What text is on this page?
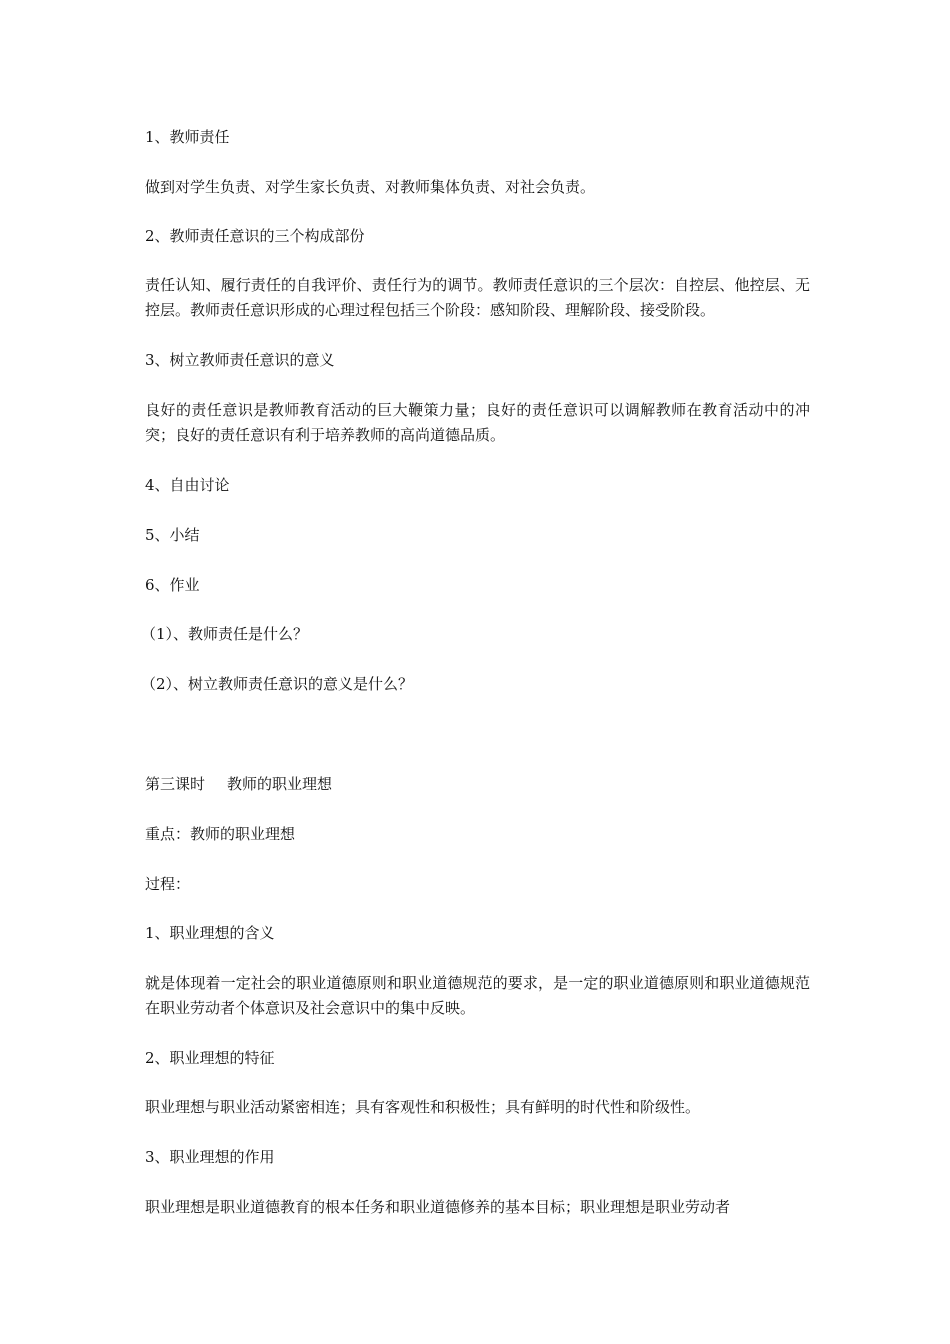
1、教师责任
做到对学生负责、对学生家长负责、对教师集体负责、对社会负责。
2、教师责任意识的三个构成部份
责任认知、履行责任的自我评价、责任行为的调节。教师责任意识的三个层次：自控层、他控层、无控层。教师责任意识形成的心理过程包括三个阶段：感知阶段、理解阶段、接受阶段。
3、树立教师责任意识的意义
良好的责任意识是教师教育活动的巨大鞭策力量；良好的责任意识可以调解教师在教育活动中的冲突；良好的责任意识有利于培养教师的高尚道德品质。
4、自由讨论
5、小结
6、作业
（1）、教师责任是什么？
（2）、树立教师责任意识的意义是什么？
第三课时 教师的职业理想
重点：教师的职业理想
过程：
1、职业理想的含义
就是体现着一定社会的职业道德原则和职业道德规范的要求，是一定的职业道德原则和职业道德规范在职业劳动者个体意识及社会意识中的集中反映。
2、职业理想的特征
职业理想与职业活动紧密相连；具有客观性和积极性；具有鲜明的时代性和阶级性。
3、职业理想的作用
职业理想是职业道德教育的根本任务和职业道德修养的基本目标；职业理想是职业劳动者
